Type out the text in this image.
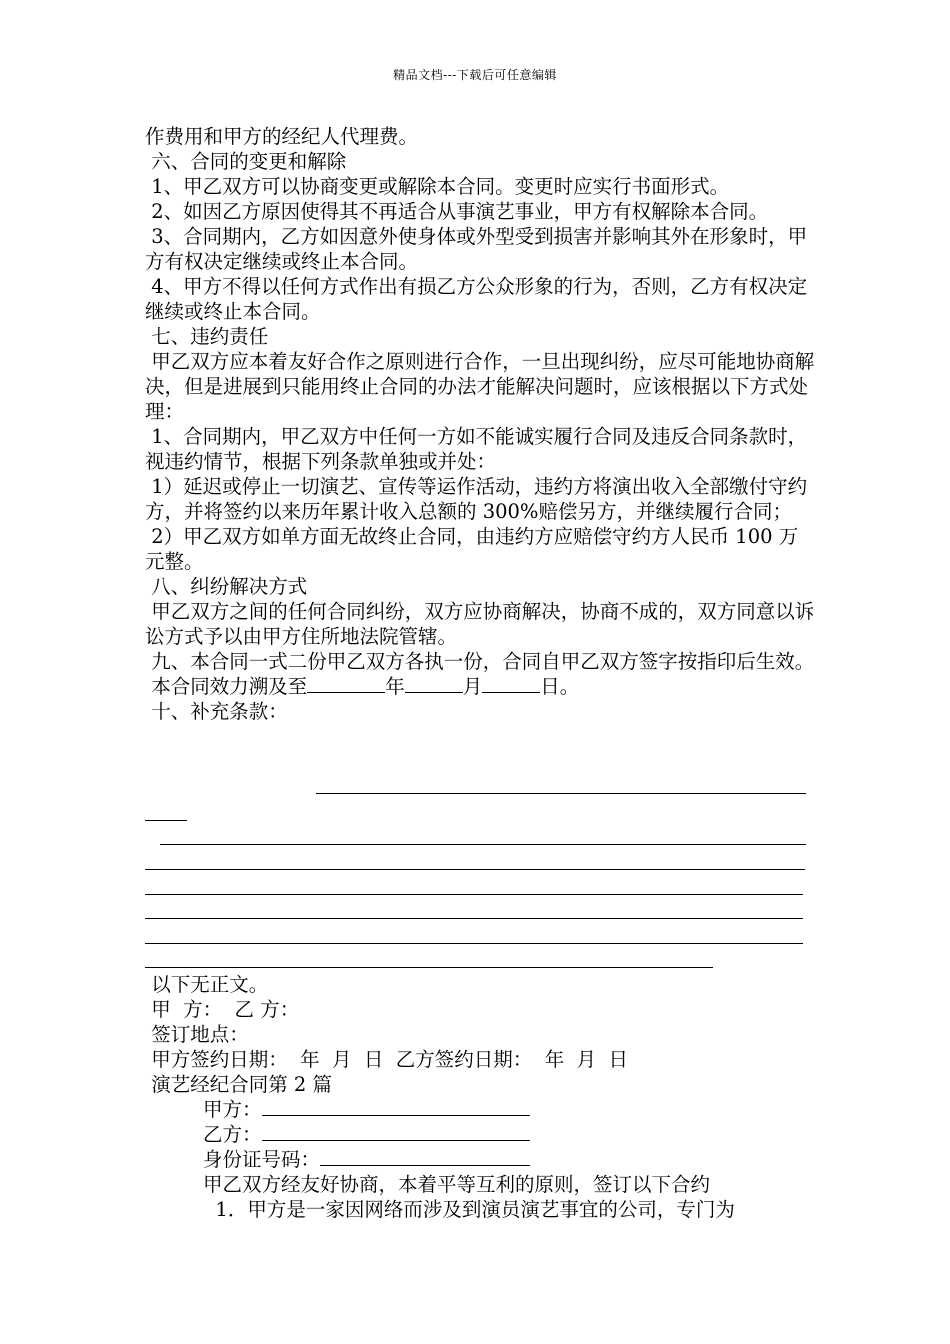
精品文档---下载后可任意编辑

作费用和甲方的经纪人代理费。

六、合同的变更和解除

1、甲乙双方可以协商变更或解除本合同。变更时应实行书面形式。

2、如因乙方原因使得其不再适合从事演艺事业，甲方有权解除本合同。

3、合同期内，乙方如因意外使身体或外型受到损害并影响其外在形象时，甲方有权决定继续或终止本合同。

4、甲方不得以任何方式作出有损乙方公众形象的行为，否则，乙方有权决定继续或终止本合同。

七、违约责任

甲乙双方应本着友好合作之原则进行合作，一旦出现纠纷，应尽可能地协商解决，但是进展到只能用终止合同的办法才能解决问题时，应该根据以下方式处理：

1、合同期内，甲乙双方中任何一方如不能诚实履行合同及违反合同条款时，视违约情节，根据下列条款单独或并处：

1）延迟或停止一切演艺、宣传等运作活动，违约方将演出收入全部缴付守约方，并将签约以来历年累计收入总额的 300%赔偿另方，并继续履行合同；

2）甲乙双方如单方面无故终止合同，由违约方应赔偿守约方人民币 100 万元整。

八、纠纷解决方式

甲乙双方之间的任何合同纠纷，双方应协商解决，协商不成的，双方同意以诉讼方式予以由甲方住所地法院管辖。

九、本合同一式二份甲乙双方各执一份，合同自甲乙双方签字按指印后生效。

本合同效力溯及至	年	月	日。

十、补充条款：

以下无正文。

甲  方：  乙 方：

签订地点：

甲方签约日期：  年  月  日  乙方签约日期：  年  月  日

演艺经纪合同第 2 篇

甲方：

乙方：

身份证号码：

甲乙双方经友好协商，本着平等互利的原则，签订以下合约

1．甲方是一家因网络而涉及到演员演艺事宜的公司，专门为
